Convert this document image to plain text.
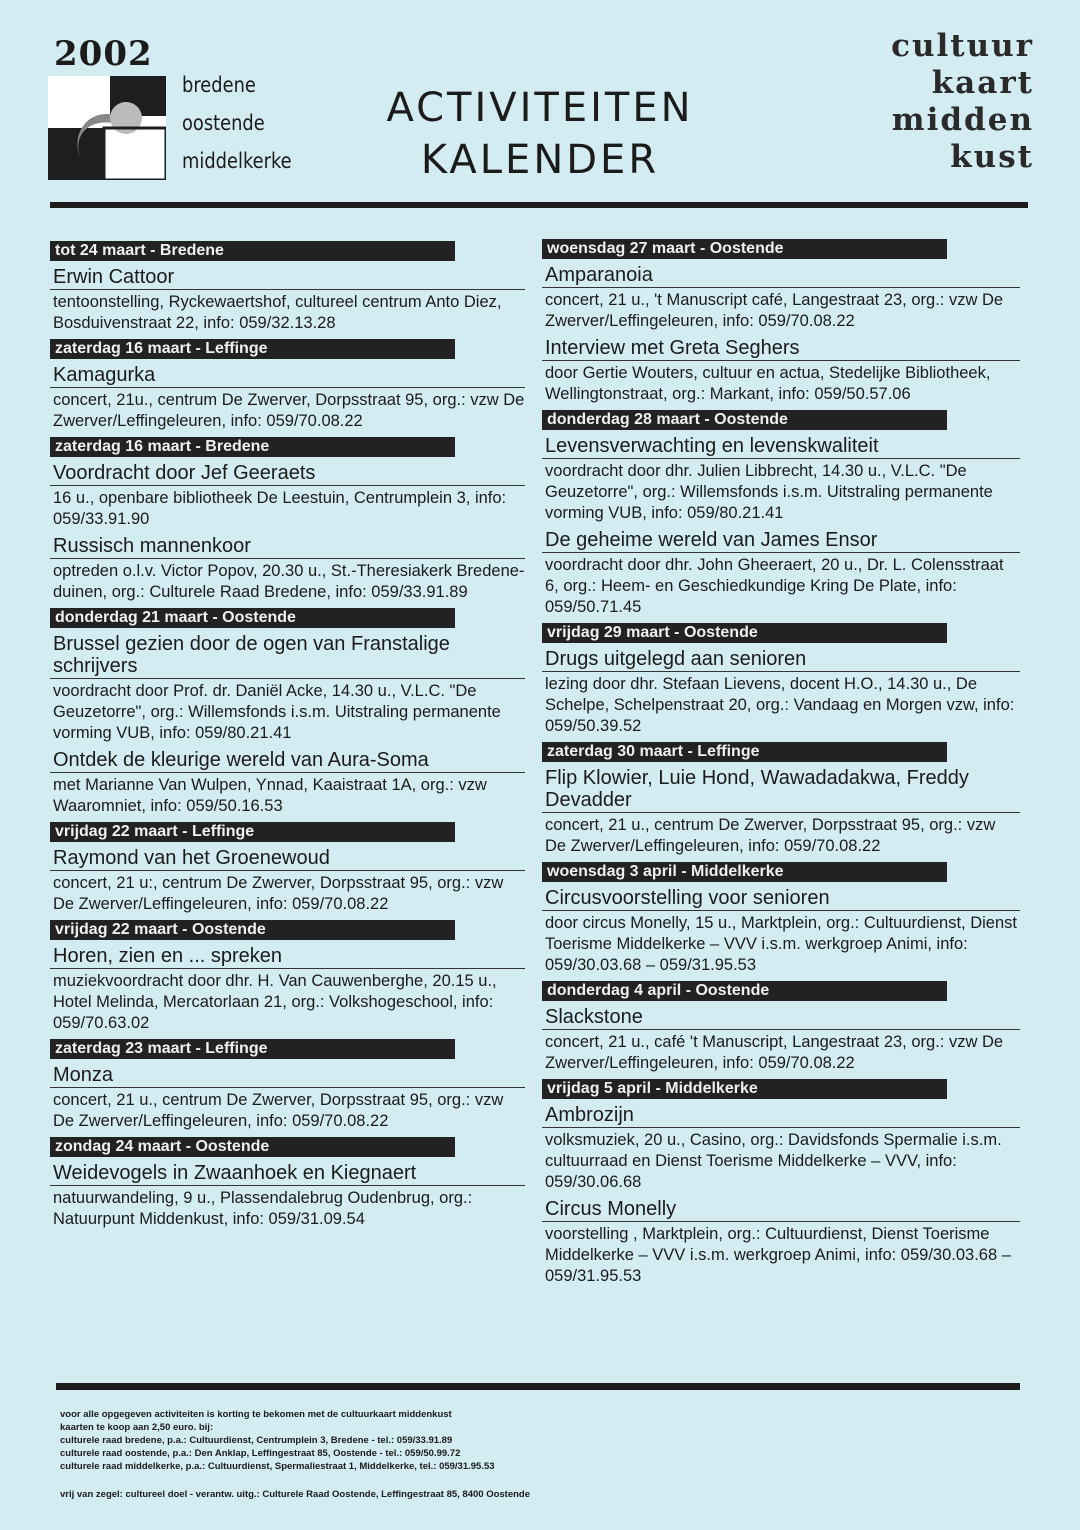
2002
bredene
oostende
middelkerke
ACTIVITEITEN
KALENDER
cultuur
kaart
midden
kust
tot 24 maart - Bredene
Erwin Cattoor
tentoonstelling, Ryckewaertshof, cultureel centrum Anto Diez, Bosduivenstraat 22, info: 059/32.13.28
zaterdag 16 maart - Leffinge
Kamagurka
concert, 21u., centrum De Zwerver, Dorpsstraat 95, org.: vzw De Zwerver/Leffingeleuren, info: 059/70.08.22
zaterdag 16 maart - Bredene
Voordracht door Jef Geeraets
16 u., openbare bibliotheek De Leestuin, Centrumplein 3, info: 059/33.91.90
Russisch mannenkoor
optreden o.l.v. Victor Popov, 20.30 u., St.-Theresiakerk Bredene-duinen, org.: Culturele Raad Bredene, info: 059/33.91.89
donderdag 21 maart - Oostende
Brussel gezien door de ogen van Franstalige schrijvers
voordracht door Prof. dr. Daniël Acke, 14.30 u., V.L.C. "De Geuzetorre", org.: Willemsfonds i.s.m. Uitstraling permanente vorming VUB, info: 059/80.21.41
Ontdek de kleurige wereld van Aura-Soma
met Marianne Van Wulpen, Ynnad, Kaaistraat 1A, org.: vzw Waaromniet, info: 059/50.16.53
vrijdag 22 maart - Leffinge
Raymond van het Groenewoud
concert, 21 u:, centrum De Zwerver, Dorpsstraat 95, org.: vzw De Zwerver/Leffingeleuren, info: 059/70.08.22
vrijdag 22 maart - Oostende
Horen, zien en ... spreken
muziekvoordracht door dhr. H. Van Cauwenberghe, 20.15 u., Hotel Melinda, Mercatorlaan 21, org.: Volkshogeschool, info: 059/70.63.02
zaterdag 23 maart - Leffinge
Monza
concert, 21 u., centrum De Zwerver, Dorpsstraat 95, org.: vzw De Zwerver/Leffingeleuren, info: 059/70.08.22
zondag 24 maart - Oostende
Weidevogels in Zwaanhoek en Kiegnaert
natuurwandeling, 9 u., Plassendalebrug Oudenbrug, org.: Natuurpunt Middenkust, info: 059/31.09.54
woensdag 27 maart - Oostende
Amparanoia
concert, 21 u., 't Manuscript café, Langestraat 23, org.: vzw De Zwerver/Leffingeleuren, info: 059/70.08.22
Interview met Greta Seghers
door Gertie Wouters, cultuur en actua, Stedelijke Bibliotheek, Wellingtonstraat, org.: Markant, info: 059/50.57.06
donderdag 28 maart - Oostende
Levensverwachting en levenskwaliteit
voordracht door dhr. Julien Libbrecht, 14.30 u., V.L.C. "De Geuzetorre", org.: Willemsfonds i.s.m. Uitstraling permanente vorming VUB, info: 059/80.21.41
De geheime wereld van James Ensor
voordracht door dhr. John Gheeraert, 20 u., Dr. L. Colensstraat 6, org.: Heem- en Geschiedkundige Kring De Plate, info: 059/50.71.45
vrijdag 29 maart - Oostende
Drugs uitgelegd aan senioren
lezing door dhr. Stefaan Lievens, docent H.O., 14.30 u., De Schelpe, Schelpenstraat 20, org.: Vandaag en Morgen vzw, info: 059/50.39.52
zaterdag 30 maart - Leffinge
Flip Klowier, Luie Hond, Wawadadakwa, Freddy Devadder
concert, 21 u., centrum De Zwerver, Dorpsstraat 95, org.: vzw De Zwerver/Leffingeleuren, info: 059/70.08.22
woensdag 3 april - Middelkerke
Circusvoorstelling voor senioren
door circus Monelly, 15 u., Marktplein, org.: Cultuurdienst, Dienst Toerisme Middelkerke – VVV i.s.m. werkgroep Animi, info: 059/30.03.68 – 059/31.95.53
donderdag 4 april - Oostende
Slackstone
concert, 21 u., café 't Manuscript, Langestraat 23, org.: vzw De Zwerver/Leffingeleuren, info: 059/70.08.22
vrijdag 5 april - Middelkerke
Ambrozijn
volksmuziek, 20 u., Casino, org.: Davidsfonds Spermalie i.s.m. cultuurraad en Dienst Toerisme Middelkerke – VVV, info: 059/30.06.68
Circus Monelly
voorstelling , Marktplein, org.: Cultuurdienst, Dienst Toerisme Middelkerke – VVV i.s.m. werkgroep Animi, info: 059/30.03.68 – 059/31.95.53
voor alle opgegeven activiteiten is korting te bekomen met de cultuurkaart middenkust
kaarten te koop aan 2,50 euro. bij:
culturele raad bredene, p.a.: Cultuurdienst, Centrumplein 3, Bredene - tel.: 059/33.91.89
culturele raad oostende, p.a.: Den Anklap, Leffingestraat 85, Oostende - tel.: 059/50.99.72
culturele raad middelkerke, p.a.: Cultuurdienst, Spermaliestraat 1, Middelkerke, tel.: 059/31.95.53
vrij van zegel: cultureel doel - verantw. uitg.: Culturele Raad Oostende, Leffingestraat 85, 8400 Oostende
